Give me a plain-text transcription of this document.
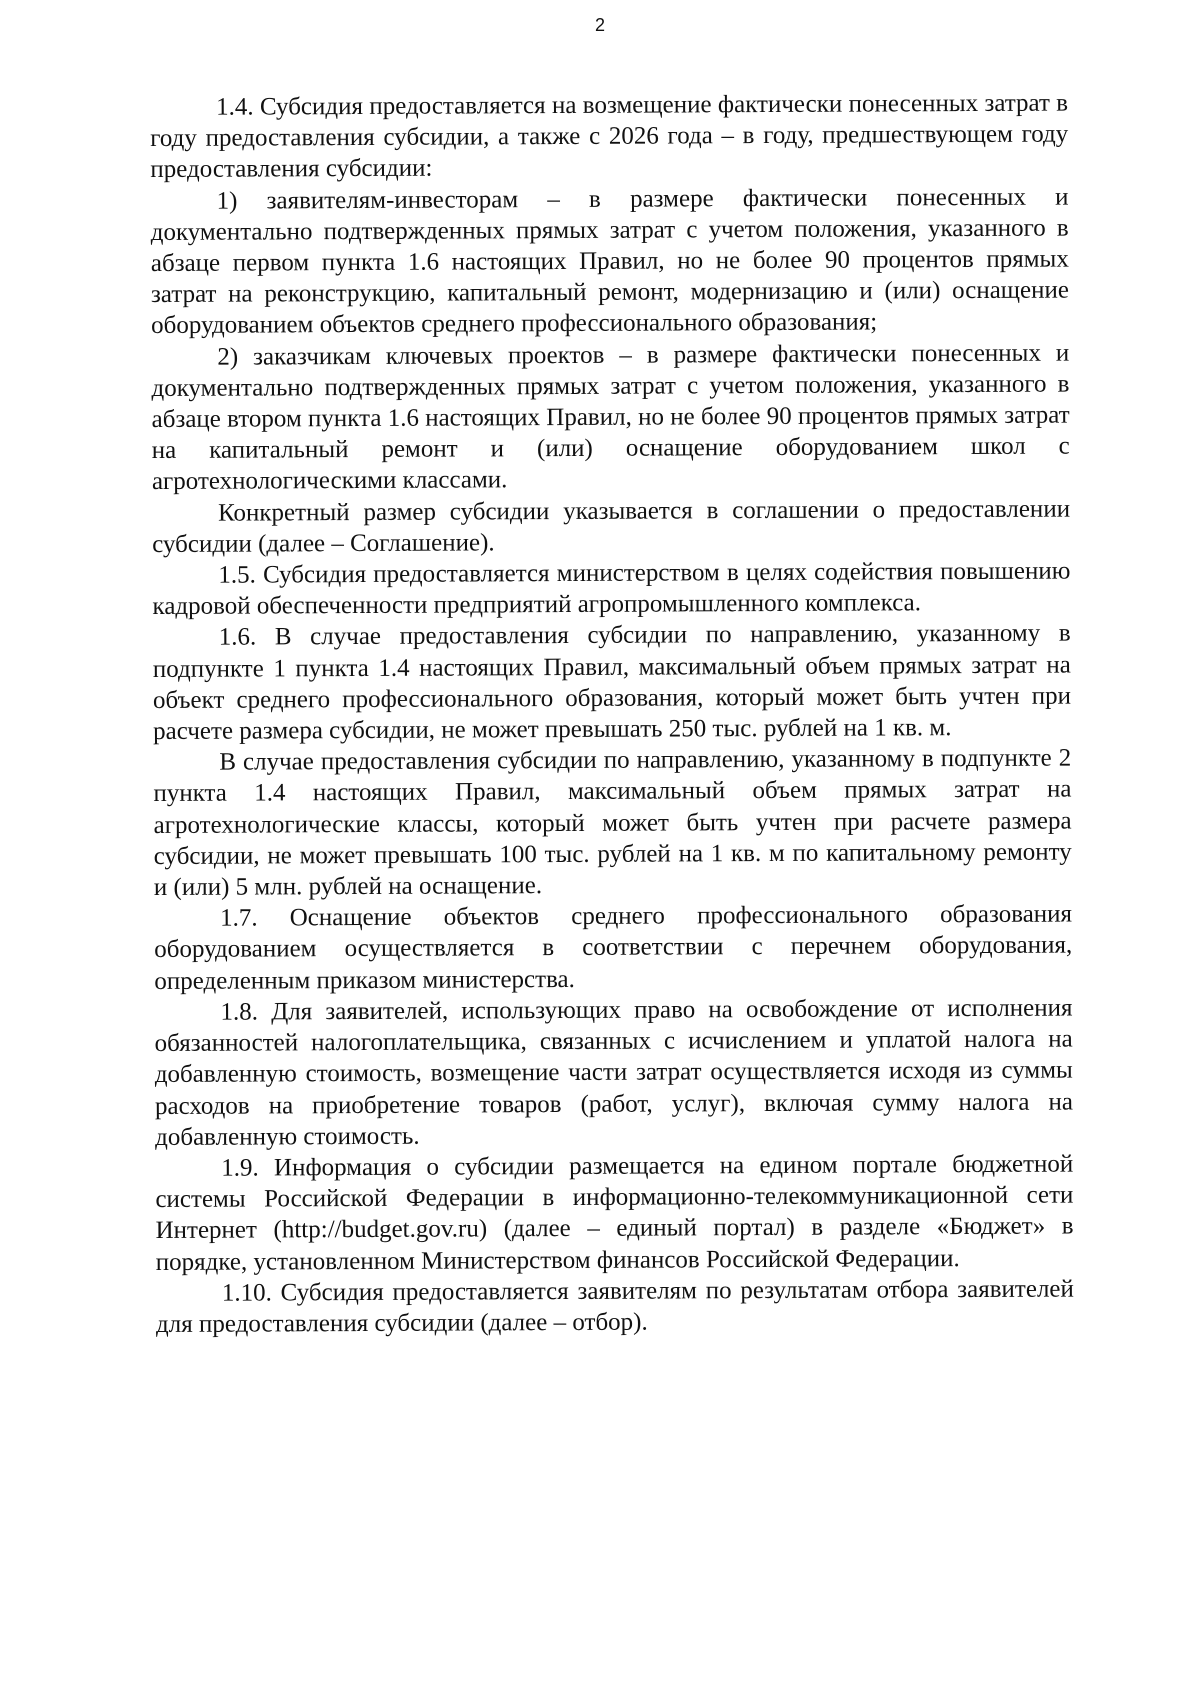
2

1.4. Субсидия предоставляется на возмещение фактически понесенных затрат в году предоставления субсидии, а также с 2026 года – в году, предшествующем году предоставления субсидии:

1) заявителям-инвесторам – в размере фактически понесенных и документально подтвержденных прямых затрат с учетом положения, указанного в абзаце первом пункта 1.6 настоящих Правил, но не более 90 процентов прямых затрат на реконструкцию, капитальный ремонт, модернизацию и (или) оснащение оборудованием объектов среднего профессионального образования;

2) заказчикам ключевых проектов – в размере фактически понесенных и документально подтвержденных прямых затрат с учетом положения, указанного в абзаце втором пункта 1.6 настоящих Правил, но не более 90 процентов прямых затрат на капитальный ремонт и (или) оснащение оборудованием школ с агротехнологическими классами.

Конкретный размер субсидии указывается в соглашении о предоставлении субсидии (далее – Соглашение).

1.5. Субсидия предоставляется министерством в целях содействия повышению кадровой обеспеченности предприятий агропромышленного комплекса.

1.6. В случае предоставления субсидии по направлению, указанному в подпункте 1 пункта 1.4 настоящих Правил, максимальный объем прямых затрат на объект среднего профессионального образования, который может быть учтен при расчете размера субсидии, не может превышать 250 тыс. рублей на 1 кв. м.

В случае предоставления субсидии по направлению, указанному в подпункте 2 пункта 1.4 настоящих Правил, максимальный объем прямых затрат на агротехнологические классы, который может быть учтен при расчете размера субсидии, не может превышать 100 тыс. рублей на 1 кв. м по капитальному ремонту и (или) 5 млн. рублей на оснащение.

1.7. Оснащение объектов среднего профессионального образования оборудованием осуществляется в соответствии с перечнем оборудования, определенным приказом министерства.

1.8. Для заявителей, использующих право на освобождение от исполнения обязанностей налогоплательщика, связанных с исчислением и уплатой налога на добавленную стоимость, возмещение части затрат осуществляется исходя из суммы расходов на приобретение товаров (работ, услуг), включая сумму налога на добавленную стоимость.

1.9. Информация о субсидии размещается на едином портале бюджетной системы Российской Федерации в информационно-телекоммуникационной сети Интернет (http://budget.gov.ru) (далее – единый портал) в разделе «Бюджет» в порядке, установленном Министерством финансов Российской Федерации.

1.10. Субсидия предоставляется заявителям по результатам отбора заявителей для предоставления субсидии (далее – отбор).
